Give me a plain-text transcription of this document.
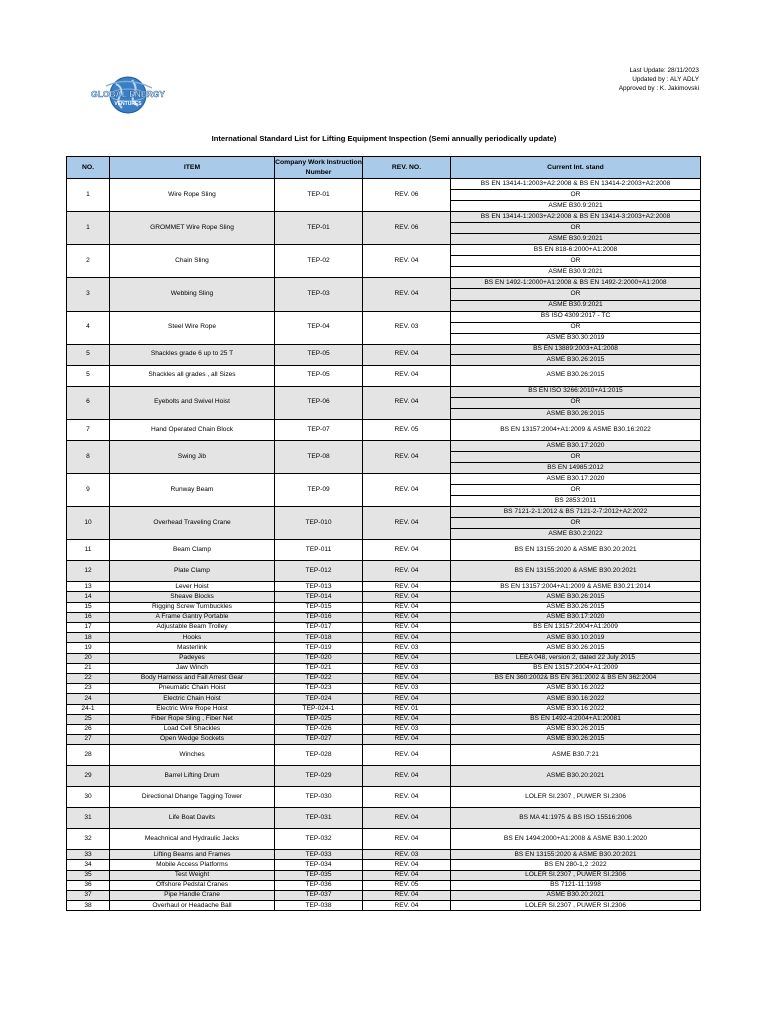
GLOBAL ENERGY
VENTURES
Last Update: 28/11/2023
Updated by : ALY ADLY
Approved by : K. Jakimovski
International Standard List for Lifting Equipment Inspection (Semi annually periodically update)
NO.	ITEM	Company Work Instruction Number	REV. NO.	Current Int. stand
1	Wire Rope Sling	TEP-01	REV. 06	BS EN 13414-1:2003+A2:2008 & BS EN 13414-2:2003+A2:2008
				OR
				ASME B30.9:2021
1	GROMMET Wire Rope Sling	TEP-01	REV. 06	BS EN 13414-1:2003+A2:2008 & BS EN 13414-3:2003+A2:2008
				OR
				ASME B30.9:2021
2	Chain Sling	TEP-02	REV. 04	BS EN 818-6:2000+A1:2008
				OR
				ASME B30.9:2021
3	Webbing Sling	TEP-03	REV. 04	BS EN 1492-1:2000+A1:2008 & BS EN 1492-2:2000+A1:2008
				OR
				ASME B30.9:2021
4	Steel Wire Rope	TEP-04	REV. 03	BS ISO 4309:2017 - TC
				OR
				ASME B30.30:2019
5	Shackles grade 6 up to 25 T	TEP-05	REV. 04	BS EN 13889:2003+A1:2008
				ASME B30.26:2015
5	Shackles all grades , all Sizes	TEP-05	REV. 04	ASME B30.26:2015
6	Eyebolts and Swivel Hoist	TEP-06	REV. 04	BS EN ISO 3266:2010+A1:2015
				OR
				ASME B30.26:2015
7	Hand Operated Chain Block	TEP-07	REV. 05	BS EN 13157:2004+A1:2009 & ASME B30.16:2022
8	Swing Jib	TEP-08	REV. 04	ASME B30.17:2020
				OR
				BS EN 14985:2012
9	Runway Beam	TEP-09	REV. 04	ASME B30.17:2020
				OR
				BS 2853:2011
10	Overhead Traveling Crane	TEP-010	REV. 04	BS 7121-2-1:2012 & BS 7121-2-7:2012+A2:2022
				OR
				ASME B30.2:2022
11	Beam Clamp	TEP-011	REV. 04	BS EN 13155:2020 & ASME B30.20:2021
12	Plate Clamp	TEP-012	REV. 04	BS EN 13155:2020 & ASME B30.20:2021
13	Lever Hoist	TEP-013	REV. 04	BS EN 13157:2004+A1:2009 & ASME B30.21:2014
14	Sheave Blocks	TEP-014	REV. 04	ASME B30.26:2015
15	Rigging Screw Turnbuckles	TEP-015	REV. 04	ASME B30.26:2015
16	A Frame Gantry Portable	TEP-016	REV. 04	ASME B30.17:2020
17	Adjustable Beam Trolley	TEP-017	REV. 04	BS EN 13157:2004+A1:2009
18	Hooks	TEP-018	REV. 04	ASME B30.10:2019
19	Masterlink	TEP-019	REV. 03	ASME B30.26:2015
20	Padeyes	TEP-020	REV. 04	LEEA 048, version 2, dated 22 July 2015
21	Jaw Winch	TEP-021	REV. 03	BS EN 13157:2004+A1:2009
22	Body Harness and Fall Arrest Gear	TEP-022	REV. 04	BS EN 360:2002& BS EN 361:2002 & BS EN 362:2004
23	Pneumatic Chain Hoist	TEP-023	REV. 03	ASME B30.16:2022
24	Electric Chain Hoist	TEP-024	REV. 04	ASME B30.16:2022
24-1	Electric Wire Rope Hoist	TEP-024-1	REV. 01	ASME B30.16:2022
25	Fiber Rope Sling , Fiber Net	TEP-025	REV. 04	BS EN 1492-4:2004+A1:20081
26	Load Cell Shackles	TEP-026	REV. 03	ASME B30.26:2015
27	Open Wedge Sockets	TEP-027	REV. 04	ASME B30.26:2015
28	Winches	TEP-028	REV. 04	ASME B30.7:21
29	Barrel Lifting Drum	TEP-029	REV. 04	ASME B30.20:2021
30	Directional Dhange Tagging Tower	TEP-030	REV. 04	LOLER SI.2307 , PUWER SI.2306
31	Life Boat Davits	TEP-031	REV. 04	BS MA 41:1975 & BS ISO 15516:2006
32	Meachnical and Hydraulic Jacks	TEP-032	REV. 04	BS EN 1494:2000+A1:2008 & ASME B30.1:2020
33	Lifting Beams and Frames	TEP-033	REV. 03	BS EN 13155:2020 & ASME B30.20:2021
34	Mobile Access Platforms	TEP-034	REV. 04	BS EN 280-1,2 :2022
35	Test Weight	TEP-035	REV. 04	LOLER SI.2307 , PUWER SI.2306
36	Offshore Pedstal Cranes	TEP-036	REV. 05	BS 7121-11:1998
37	Pipe Handle Crane	TEP-037	REV. 04	ASME B30.20:2021
38	Overhaul or Headache Ball	TEP-038	REV. 04	LOLER SI.2307 , PUWER SI.2306
